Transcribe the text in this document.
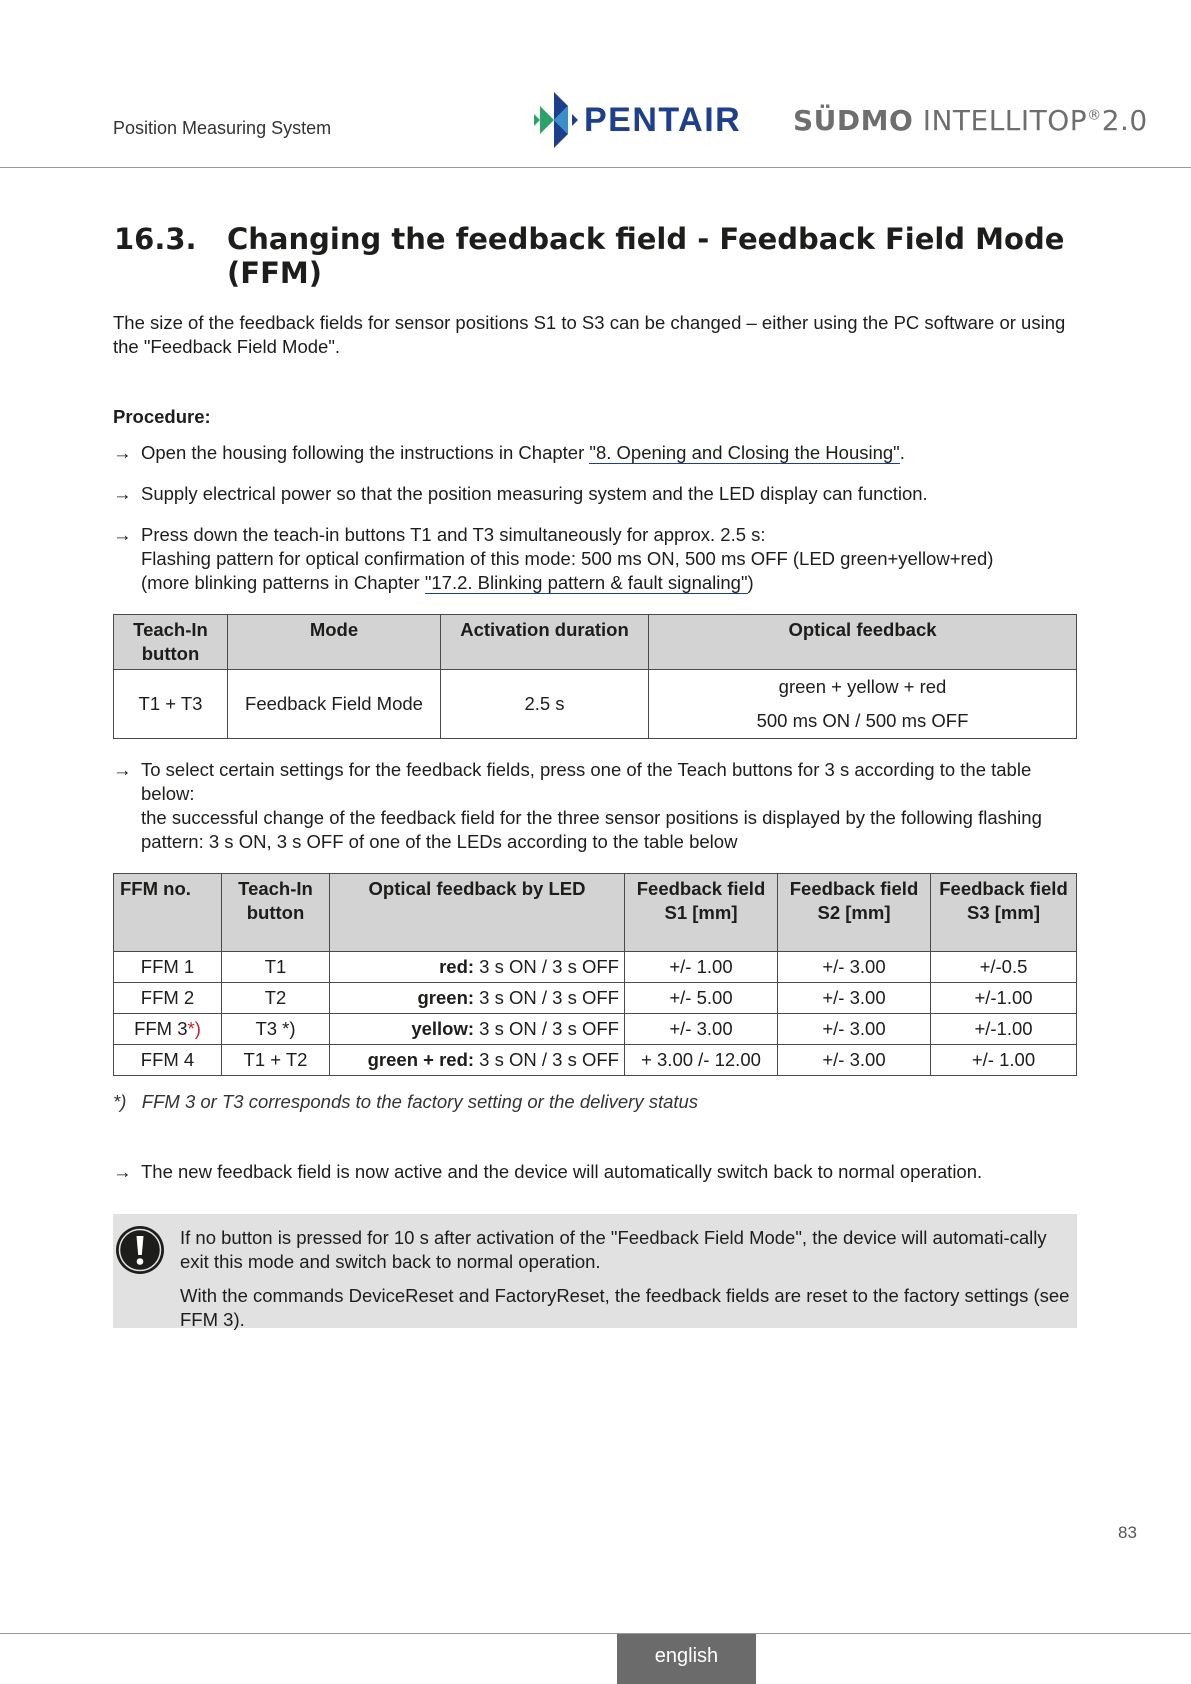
Position Measuring System	PENTAIR SÜDMO INTELLITOP®2.0
16.3. Changing the feedback field - Feedback Field Mode (FFM)
The size of the feedback fields for sensor positions S1 to S3 can be changed – either using the PC software or using the "Feedback Field Mode".
Procedure:
→ Open the housing following the instructions in Chapter "8. Opening and Closing the Housing".
→ Supply electrical power so that the position measuring system and the LED display can function.
→ Press down the teach-in buttons T1 and T3 simultaneously for approx. 2.5 s:
Flashing pattern for optical confirmation of this mode: 500 ms ON, 500 ms OFF (LED green+yellow+red)
(more blinking patterns in Chapter "17.2. Blinking pattern & fault signaling")
Teach-In button	Mode	Activation duration	Optical feedback
T1 + T3	Feedback Field Mode	2.5 s	green + yellow + red
500 ms ON / 500 ms OFF
→ To select certain settings for the feedback fields, press one of the Teach buttons for 3 s according to the table below:
the successful change of the feedback field for the three sensor positions is displayed by the following flashing pattern: 3 s ON, 3 s OFF of one of the LEDs according to the table below
FFM no.	Teach-In button	Optical feedback by LED	Feedback field S1 [mm]	Feedback field S2 [mm]	Feedback field S3 [mm]
FFM 1	T1	red: 3 s ON / 3 s OFF	+/- 1.00	+/- 3.00	+/-0.5
FFM 2	T2	green: 3 s ON / 3 s OFF	+/- 5.00	+/- 3.00	+/-1.00
FFM 3*)	T3 *)	yellow: 3 s ON / 3 s OFF	+/- 3.00	+/- 3.00	+/-1.00
FFM 4	T1 + T2	green + red: 3 s ON / 3 s OFF	+ 3.00 /- 12.00	+/- 3.00	+/- 1.00
*) FFM 3 or T3 corresponds to the factory setting or the delivery status
→ The new feedback field is now active and the device will automatically switch back to normal operation.
If no button is pressed for 10 s after activation of the "Feedback Field Mode", the device will automati-cally exit this mode and switch back to normal operation.
With the commands DeviceReset and FactoryReset, the feedback fields are reset to the factory settings (see FFM 3).
83
english
